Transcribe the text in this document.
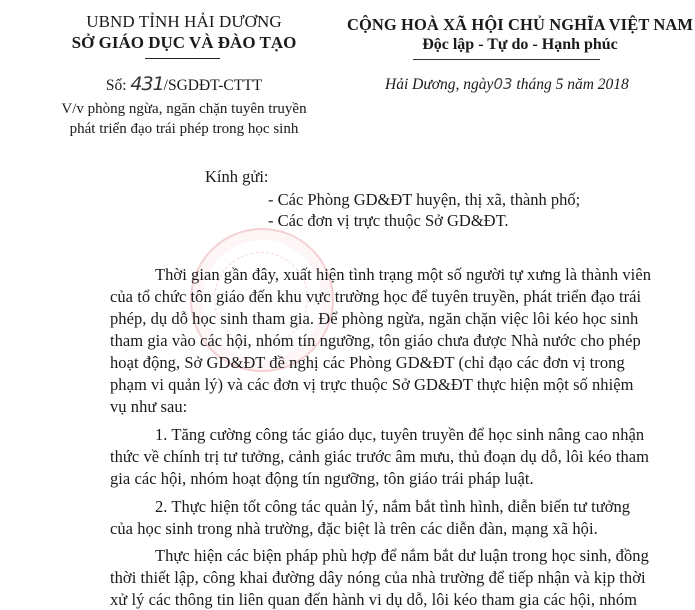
UBND TỈNH HẢI DƯƠNG
SỞ GIÁO DỤC VÀ ĐÀO TẠO
Số: 431/SGDĐT-CTTT
V/v phòng ngừa, ngăn chặn tuyên truyền
phát triển đạo trái phép trong học sinh
CỘNG HOÀ XÃ HỘI CHỦ NGHĨA VIỆT NAM
Độc lập - Tự do - Hạnh phúc
Hải Dương, ngày03 tháng 5 năm 2018
Kính gửi:
- Các Phòng GD&ĐT huyện, thị xã, thành phố;
- Các đơn vị trực thuộc Sở GD&ĐT.
Thời gian gần đây, xuất hiện tình trạng một số người tự xưng là thành viên
của tổ chức tôn giáo đến khu vực trường học để tuyên truyền, phát triển đạo trái
phép, dụ dỗ học sinh tham gia. Để phòng ngừa, ngăn chặn việc lôi kéo học sinh
tham gia vào các hội, nhóm tín ngưỡng, tôn giáo chưa được Nhà nước cho phép
hoạt động, Sở GD&ĐT đề nghị các Phòng GD&ĐT (chỉ đạo các đơn vị trong
phạm vi quản lý) và các đơn vị trực thuộc Sở GD&ĐT thực hiện một số nhiệm
vụ như sau:
1. Tăng cường công tác giáo dục, tuyên truyền để học sinh nâng cao nhận
thức về chính trị tư tưởng, cảnh giác trước âm mưu, thủ đoạn dụ dỗ, lôi kéo tham
gia các hội, nhóm hoạt động tín ngưỡng, tôn giáo trái pháp luật.
2. Thực hiện tốt công tác quản lý, nắm bắt tình hình, diễn biến tư tưởng
của học sinh trong nhà trường, đặc biệt là trên các diễn đàn, mạng xã hội.
Thực hiện các biện pháp phù hợp để nắm bắt dư luận trong học sinh, đồng
thời thiết lập, công khai đường dây nóng của nhà trường để tiếp nhận và kịp thời
xử lý các thông tin liên quan đến hành vi dụ dỗ, lôi kéo tham gia các hội, nhóm
